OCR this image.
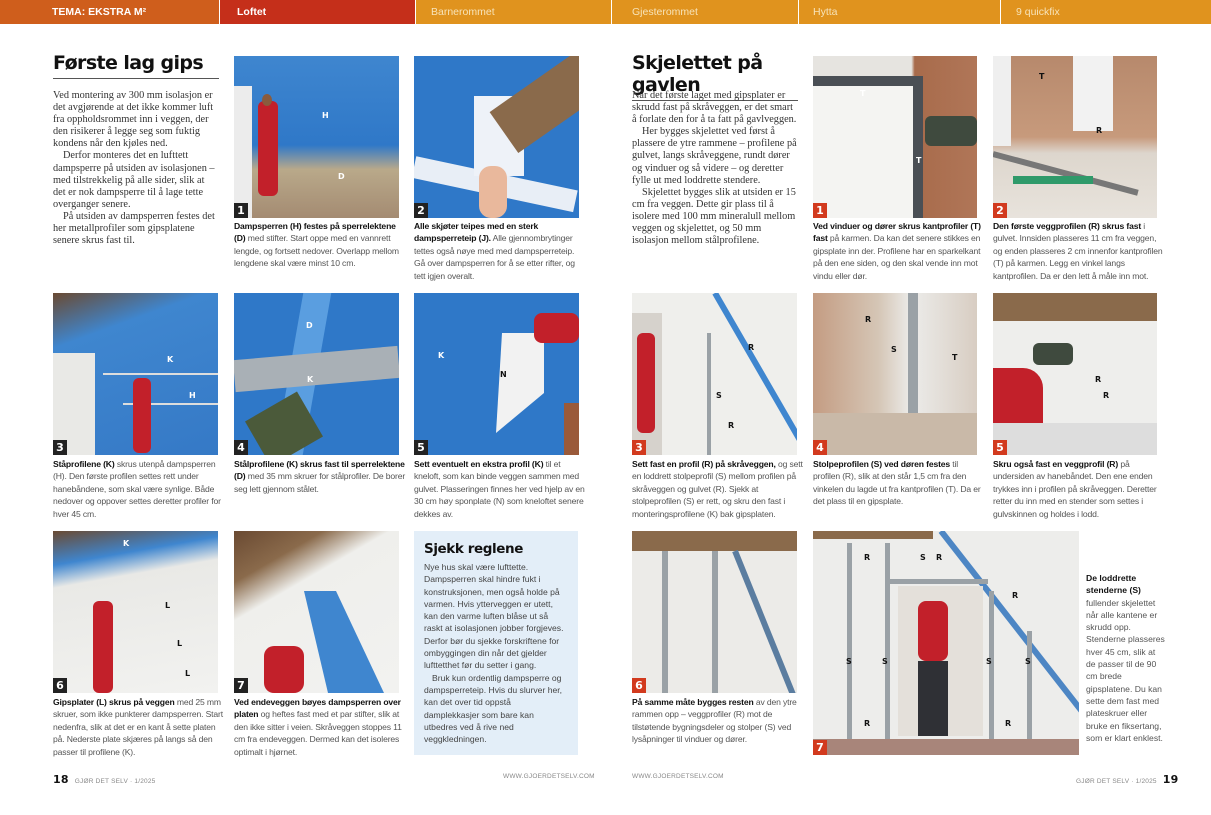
TEMA: EKSTRA M²	Loftet	Barnerommet	Gjesterommet	Hytta	9 quickfix
Første lag gips

Ved montering av 300 mm isolasjon er det avgjørende at det ikke kommer luft fra oppholdsrommet inn i veggen, der den risikerer å legge seg som fuktig kondens når den kjøles ned.

Derfor monteres det en lufttett dampsperre på utsiden av isolasjonen – med tilstrekkelig på alle sider, slik at det er nok dampsperre til å lage tette overganger senere.

På utsiden av dampsperren festes det her metallprofiler som gipsplatene senere skrus fast til.

H
D
1	2
Dampsperren (H) festes på sperrelektene (D) med stifter. Start oppe med en vannrett lengde, og fortsett nedover. Overlapp mellom lengdene skal være minst 10 cm.
Alle skjøter teipes med en sterk dampsperreteip (J). Alle gjennombrytinger tettes også nøye med med dampsperreteip. Gå over dampsperren for å se etter rifter, og tett igjen overalt.
K
H
3
D
K
4
K
N
5
Ståprofilene (K) skrus utenpå dampsperren (H). Den første profilen settes rett under hanebåndene, som skal være synlige. Både nedover og oppover settes deretter profiler for hver 45 cm.
Stålprofilene (K) skrus fast til sperrelektene (D) med 35 mm skruer for stålprofiler. De borer seg lett gjennom stålet.
Sett eventuelt en ekstra profil (K) til et kneloft, som kan binde veggen sammen med gulvet. Plasseringen finnes her ved hjelp av en 30 cm høy sponplate (N) som kneloftet senere dekkes av.
K
L
L
L
6	7
Gipsplater (L) skrus på veggen med 25 mm skruer, som ikke punkterer dampsperren. Start nedenfra, slik at det er en kant å sette platen på. Nederste plate skjæres på langs så den passer til profilene (K).
Ved endeveggen bøyes dampsperren over platen og heftes fast med et par stifter, slik at den ikke sitter i veien. Skråveggen stoppes 11 cm fra endeveggen. Dermed kan det isoleres optimalt i hjørnet.
Sjekk reglene

Nye hus skal være lufttette. Dampsperren skal hindre fukt i konstruksjonen, men også holde på varmen. Hvis ytterveggen er utett, kan den varme luften blåse ut så raskt at isolasjonen jobber forgjeves. Derfor bør du sjekke forskriftene for ombyggingen din når det gjelder lufttetthet før du setter i gang.

Bruk kun ordentlig dampsperre og dampsperreteip. Hvis du slurver her, kan det over tid oppstå damplekkasjer som bare kan utbedres ved å rive ned veggkledningen.

18 GJØR DET SELV · 1/2025
WWW.GJOERDETSELV.COM
Skjelettet på gavlen

Når det første laget med gipsplater er skrudd fast på skråveggen, er det smart å forlate den for å ta fatt på gavlveggen.

Her bygges skjelettet ved først å plassere de ytre rammene – profilene på gulvet, langs skråveggene, rundt dører og vinduer og så videre – og deretter fylle ut med loddrette stendere.

Skjelettet bygges slik at utsiden er 15 cm fra veggen. Dette gir plass til å isolere med 100 mm mineralull mellom veggen og skjelettet, og 50 mm isolasjon mellom stålprofilene.

T
T
1
T
R
2
Ved vinduer og dører skrus kantprofiler (T) fast på karmen. Da kan det senere stikkes en gipsplate inn der. Profilene har en sparkelkant på den ene siden, og den skal vende inn mot vindu eller dør.
Den første veggprofilen (R) skrus fast i gulvet. Innsiden plasseres 11 cm fra veggen, og enden plasseres 2 cm innenfor kantprofilen (T) på karmen. Legg en vinkel langs kantprofilen. Da er den lett å måle inn mot.
R
S
R
3
R
S
T
4
R
R
5
Sett fast en profil (R) på skråveggen, og sett en loddrett stolpeprofil (S) mellom profilen på skråveggen og gulvet (R). Sjekk at stolpeprofilen (S) er rett, og skru den fast i monteringsprofilene (K) bak gipsplaten.
Stolpeprofilen (S) ved døren festes til profilen (R), slik at den står 1,5 cm fra den vinkelen du lagde ut fra kantprofilen (T). Da er det plass til en gipsplate.
Skru også fast en veggprofil (R) på undersiden av hanebåndet. Den ene enden trykkes inn i profilen på skråveggen. Deretter retter du inn med en stender som settes i gulvskinnen og holdes i lodd.
6
På samme måte bygges resten av den ytre rammen opp – veggprofiler (R) mot de tilstøtende bygningsdeler og stolper (S) ved lysåpninger til vinduer og dører.
R	S R
R
S	S	S	S
R	R
7
De loddrette stenderne (S) fullender skjelettet når alle kantene er skrudd opp. Stenderne plasseres hver 45 cm, slik at de passer til de 90 cm brede gipsplatene. Du kan sette dem fast med plateskruer eller bruke en fiksertang, som er klart enklest.
WWW.GJOERDETSELV.COM
GJØR DET SELV · 1/2025 19
